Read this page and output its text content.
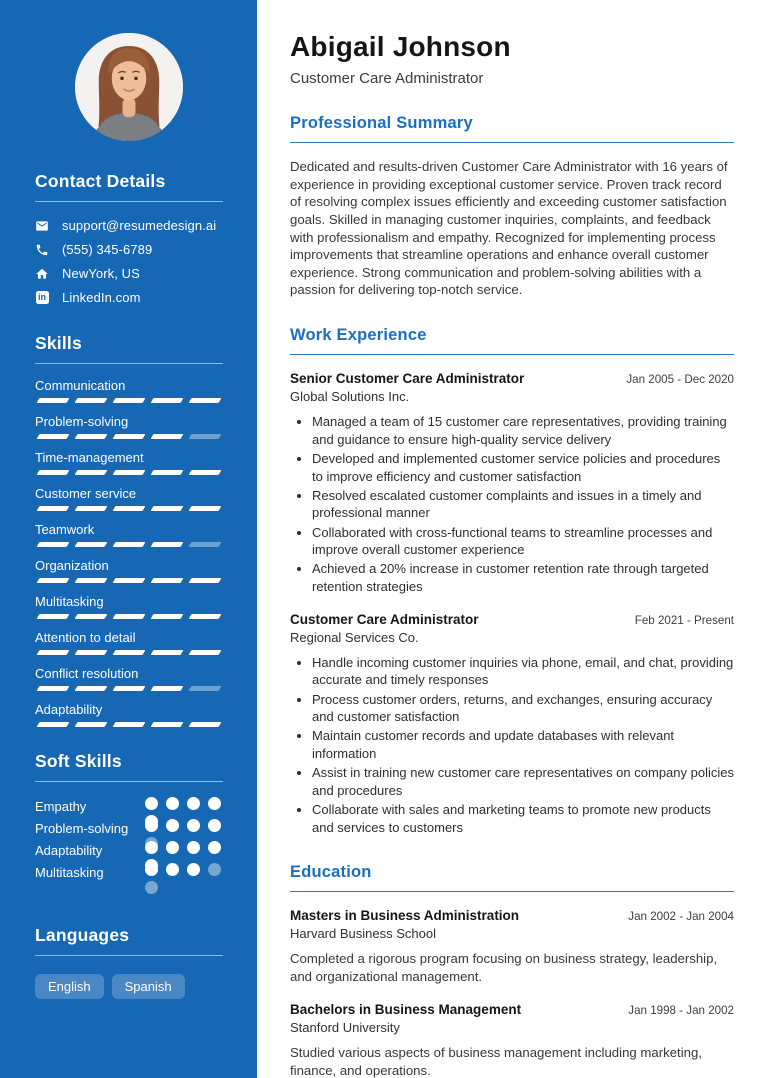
Contact Details
support@resumedesign.ai
(555) 345-6789
NewYork, US
in
LinkedIn.com
Skills
Communication
Problem-solving
Time-management
Customer service
Teamwork
Organization
Multitasking
Attention to detail
Conflict resolution
Adaptability
Soft Skills
Empathy
Problem-solving
Adaptability
Multitasking
Languages
English	Spanish
Abigail Johnson
Customer Care Administrator
Professional Summary

Dedicated and results-driven Customer Care Administrator with 16 years of experience in providing exceptional customer service. Proven track record of resolving complex issues efficiently and exceeding customer satisfaction goals. Skilled in managing customer inquiries, complaints, and feedback with professionalism and empathy. Recognized for implementing process improvements that streamline operations and enhance overall customer experience. Strong communication and problem-solving abilities with a passion for delivering top-notch service.

Work Experience
Senior Customer Care Administrator	Jan 2005 - Dec 2020
Global Solutions Inc.
• Managed a team of 15 customer care representatives, providing training and guidance to ensure high-quality service delivery
• Developed and implemented customer service policies and procedures to improve efficiency and customer satisfaction
• Resolved escalated customer complaints and issues in a timely and professional manner
• Collaborated with cross-functional teams to streamline processes and improve overall customer experience
• Achieved a 20% increase in customer retention rate through targeted retention strategies
Customer Care Administrator	Feb 2021 - Present
Regional Services Co.
• Handle incoming customer inquiries via phone, email, and chat, providing accurate and timely responses
• Process customer orders, returns, and exchanges, ensuring accuracy and customer satisfaction
• Maintain customer records and update databases with relevant information
• Assist in training new customer care representatives on company policies and procedures
• Collaborate with sales and marketing teams to promote new products and services to customers
Education
Masters in Business Administration	Jan 2002 - Jan 2004
Harvard Business School

Completed a rigorous program focusing on business strategy, leadership, and organizational management.

Bachelors in Business Management	Jan 1998 - Jan 2002
Stanford University

Studied various aspects of business management including marketing, finance, and operations.
